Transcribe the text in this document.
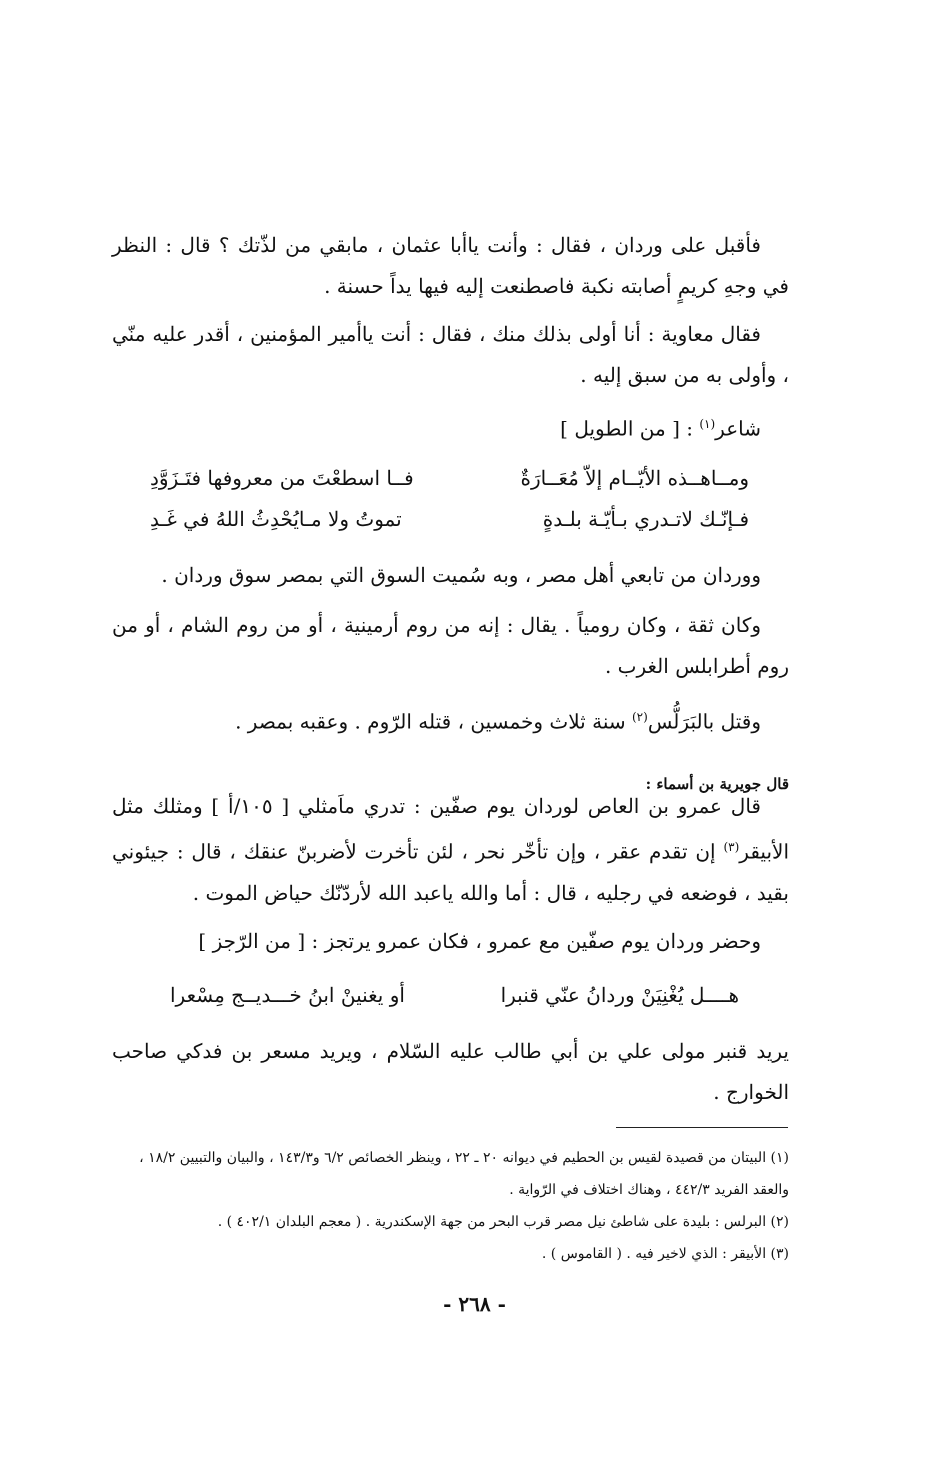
فأقبل على وردان ، فقال : وأنت ياأبا عثمان ، مابقي من لذّتك ؟ قال : النظر في وجهِ كريمٍ أصابته نكبة فاصطنعت إليه فيها يداً حسنة .

فقال معاوية : أنا أولى بذلك منك ، فقال : أنت ياأمير المؤمنين ، أقدر عليه منّي ، وأولى به من سبق إليه .

شاعر$^{(١)}$ : [ من الطويل ]

ومــاهــذه الأيّــام إلاّ مُعَــارَةٌ
فــا اسطعْتَ من معروفها فتَـزَوَّدِ
فـإنّـك لاتـدري بـأيّـة بلـدةٍ
تموتُ ولا مـايُحْدِثُ اللهُ في غَـدِ

ووردان من تابعي أهل مصر ، وبه سُميت السوق التي بمصر سوق وردان .

وكان ثقة ، وكان رومياً . يقال : إنه من روم أرمينية ، أو من روم الشام ، أو من روم أطرابلس الغرب .

وقتل بالبَرَلُّس$^{(٢)}$ سنة ثلاث وخمسين ، قتله الرّوم . وعقبه بمصر .

قال جويرية بن أسماء :

قال عمرو بن العاص لوردان يوم صفّين : تدري ماَمثلي [ ١٠٥/أ ] ومثلك مثل الأبيقر$^{(٣)}$ إن تقدم عقر ، وإن تأخّر نحر ، لئن تأخرت لأضربنّ عنقك ، قال : جيئوني بقيد ، فوضعه في رجليه ، قال : أما والله ياعبد الله لأردّنّك حياض الموت .

وحضر وردان يوم صفّين مع عمرو ، فكان عمرو يرتجز : [ من الرّجز ]

هــــل يُغْنِيَنْ وردانُ عنّي قنبرا
أو يغنينْ ابنُ خـــديــج مِسْعرا

يريد قنبر مولى علي بن أبي طالب عليه السّلام ، ويريد مسعر بن فدكي صاحب الخوارج .

(١) البيتان من قصيدة لقيس بن الحطيم في ديوانه ٢٠ ـ ٢٢ ، وينظر الخصائص ٦/٢ و١٤٣/٣ ، والبيان والتبيين ١٨/٢ ، والعقد الفريد ٤٤٢/٣ ، وهناك اختلاف في الرّواية .

(٢) البرلس : بليدة على شاطئ نيل مصر قرب البحر من جهة الإسكندرية . ( معجم البلدان ٤٠٢/١ ) .

(٣) الأبيقر : الذي لاخير فيه . ( القاموس ) .

- ٢٦٨ -
